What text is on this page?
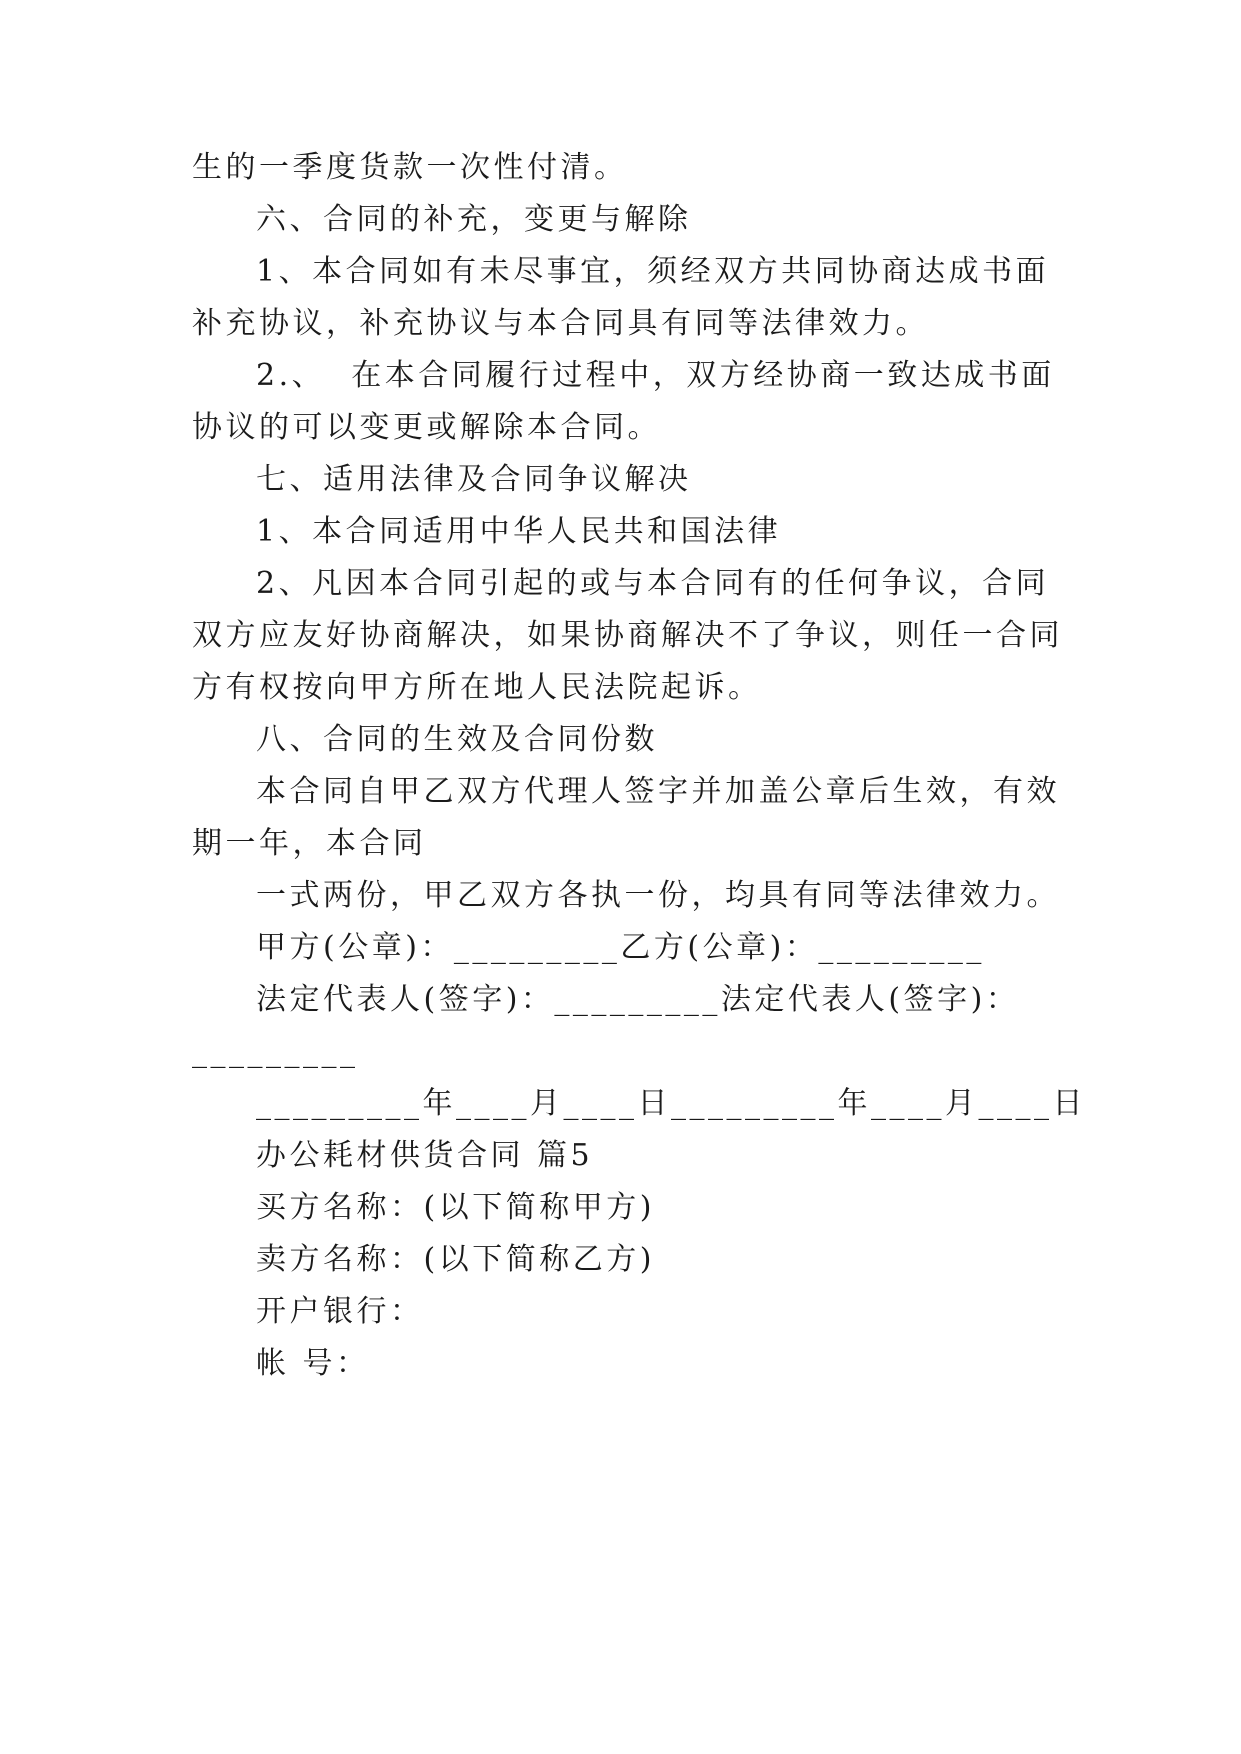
生的一季度货款一次性付清。
六、合同的补充，变更与解除
1、本合同如有未尽事宜，须经双方共同协商达成书面
补充协议，补充协议与本合同具有同等法律效力。
2.、  在本合同履行过程中，双方经协商一致达成书面
协议的可以变更或解除本合同。
七、适用法律及合同争议解决
1、本合同适用中华人民共和国法律
2、凡因本合同引起的或与本合同有的任何争议，合同
双方应友好协商解决，如果协商解决不了争议，则任一合同
方有权按向甲方所在地人民法院起诉。
八、合同的生效及合同份数
本合同自甲乙双方代理人签字并加盖公章后生效，有效
期一年，本合同
一式两份，甲乙双方各执一份，均具有同等法律效力。
甲方(公章)：_________乙方(公章)：_________
法定代表人(签字)：_________法定代表人(签字)：
_________
_________年____月____日_________年____月____日
办公耗材供货合同 篇5
买方名称：(以下简称甲方)
卖方名称：(以下简称乙方)
开户银行：
帐 号：
